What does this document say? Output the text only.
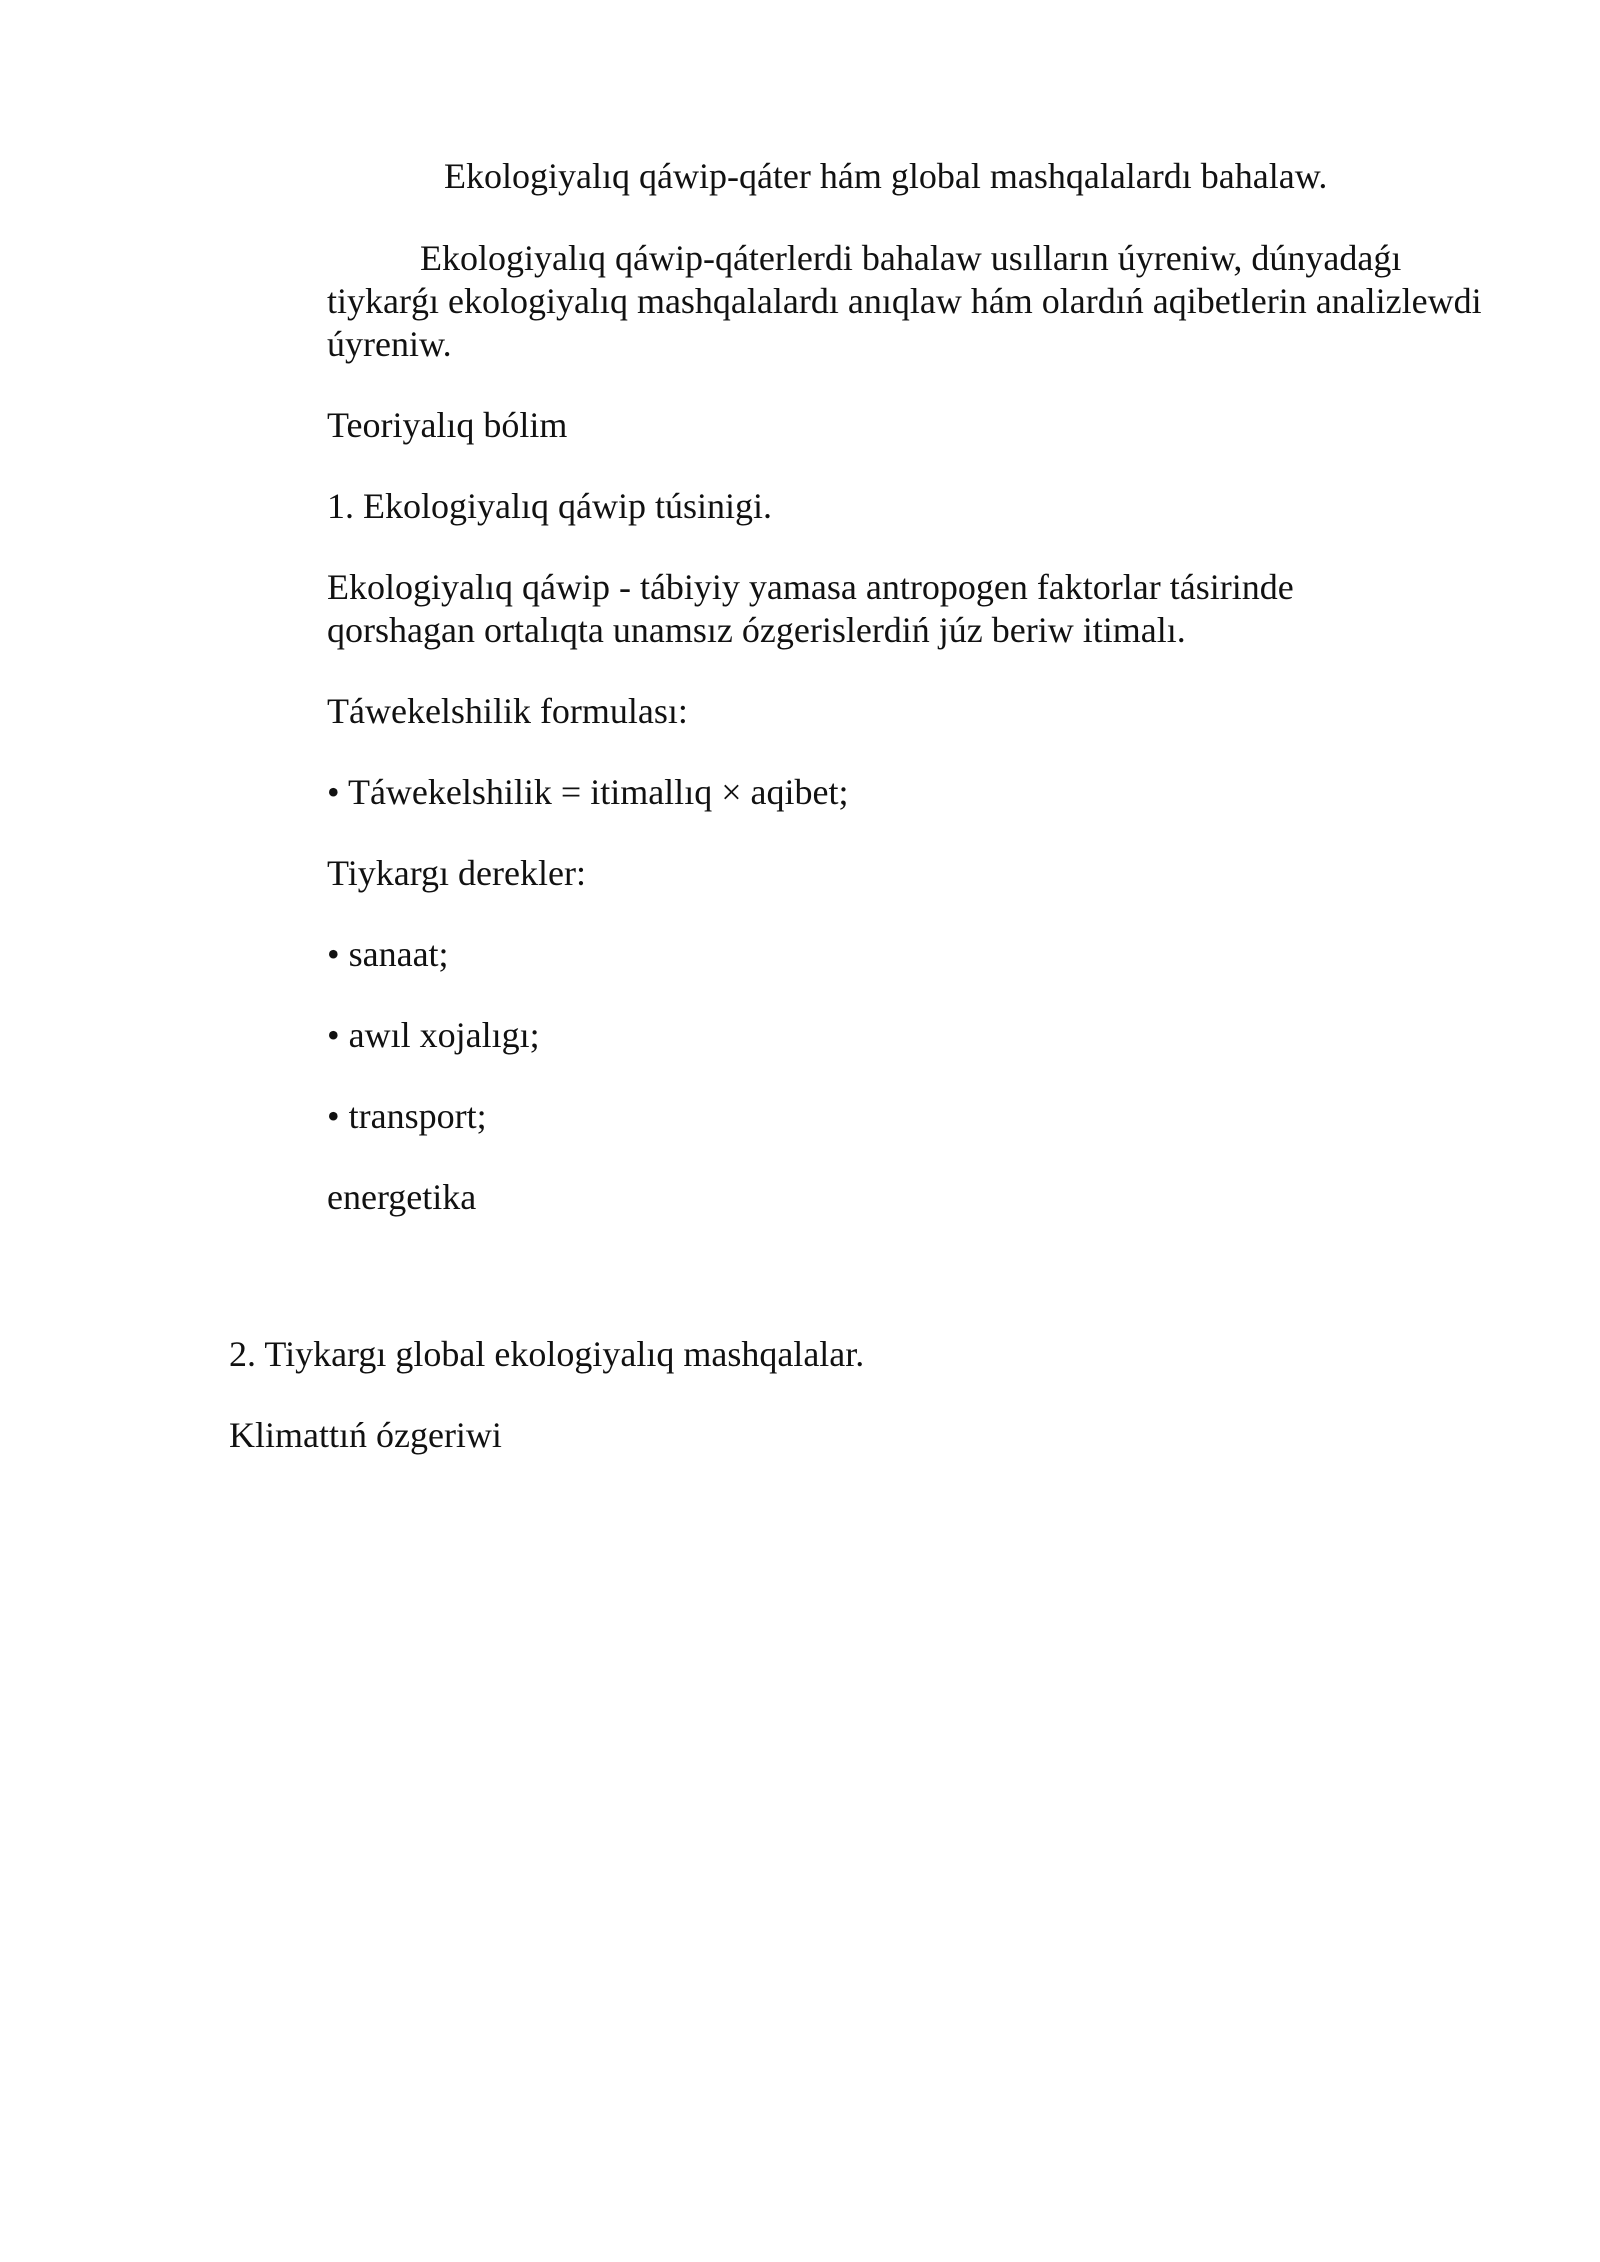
Ekologiyalıq qáwip-qáter hám global mashqalalardı bahalaw.

Ekologiyalıq qáwip-qáterlerdi bahalaw usılların úyreniw, dúnyadaǵı tiykarǵı ekologiyalıq mashqalalardı anıqlaw hám olardıń aqibetlerin analizlewdi úyreniw.

Teoriyalıq bólim

1. Ekologiyalıq qáwip túsinigi.

Ekologiyalıq qáwip - tábiyiy yamasa antropogen faktorlar tásirinde qorshagan ortalıqta unamsız ózgerislerdiń júz beriw itimalı.

Táwekelshilik formulası:

• Táwekelshilik = itimallıq × aqibet;

Tiykargı derekler:

• sanaat;

• awıl xojalıgı;

• transport;

energetika

2. Tiykargı global ekologiyalıq mashqalalar.

Klimattıń ózgeriwi
